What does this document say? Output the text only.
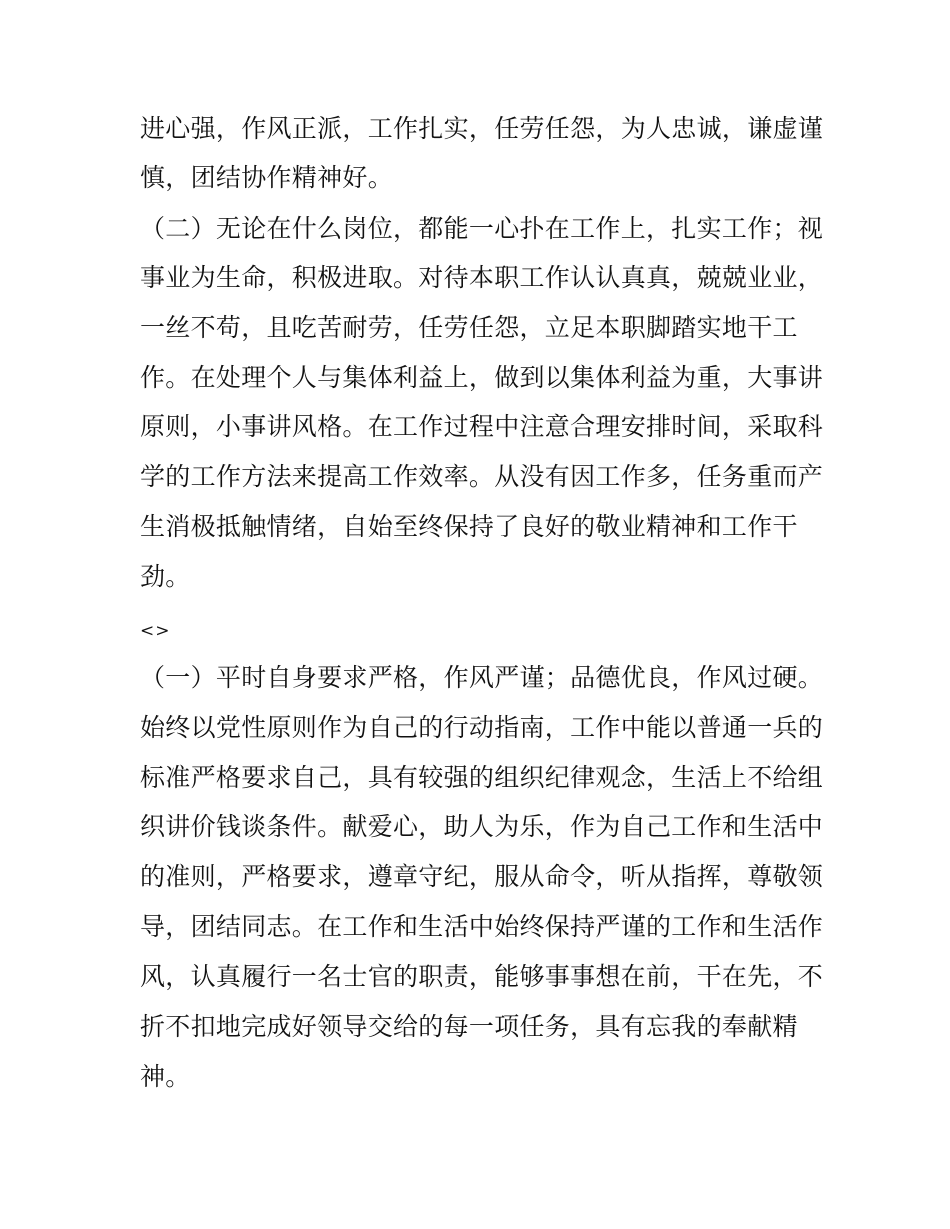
进心强，作风正派，工作扎实，任劳任怨，为人忠诚，谦虚谨
慎，团结协作精神好。
（二）无论在什么岗位，都能一心扑在工作上，扎实工作；视
事业为生命，积极进取。对待本职工作认认真真，兢兢业业，
一丝不苟，且吃苦耐劳，任劳任怨，立足本职脚踏实地干工
作。在处理个人与集体利益上，做到以集体利益为重，大事讲
原则，小事讲风格。在工作过程中注意合理安排时间，采取科
学的工作方法来提高工作效率。从没有因工作多，任务重而产
生消极抵触情绪，自始至终保持了良好的敬业精神和工作干
劲。
<>
（一）平时自身要求严格，作风严谨；品德优良，作风过硬。
始终以党性原则作为自己的行动指南，工作中能以普通一兵的
标准严格要求自己，具有较强的组织纪律观念，生活上不给组
织讲价钱谈条件。献爱心，助人为乐，作为自己工作和生活中
的准则，严格要求，遵章守纪，服从命令，听从指挥，尊敬领
导，团结同志。在工作和生活中始终保持严谨的工作和生活作
风，认真履行一名士官的职责，能够事事想在前，干在先，不
折不扣地完成好领导交给的每一项任务，具有忘我的奉献精
神。
